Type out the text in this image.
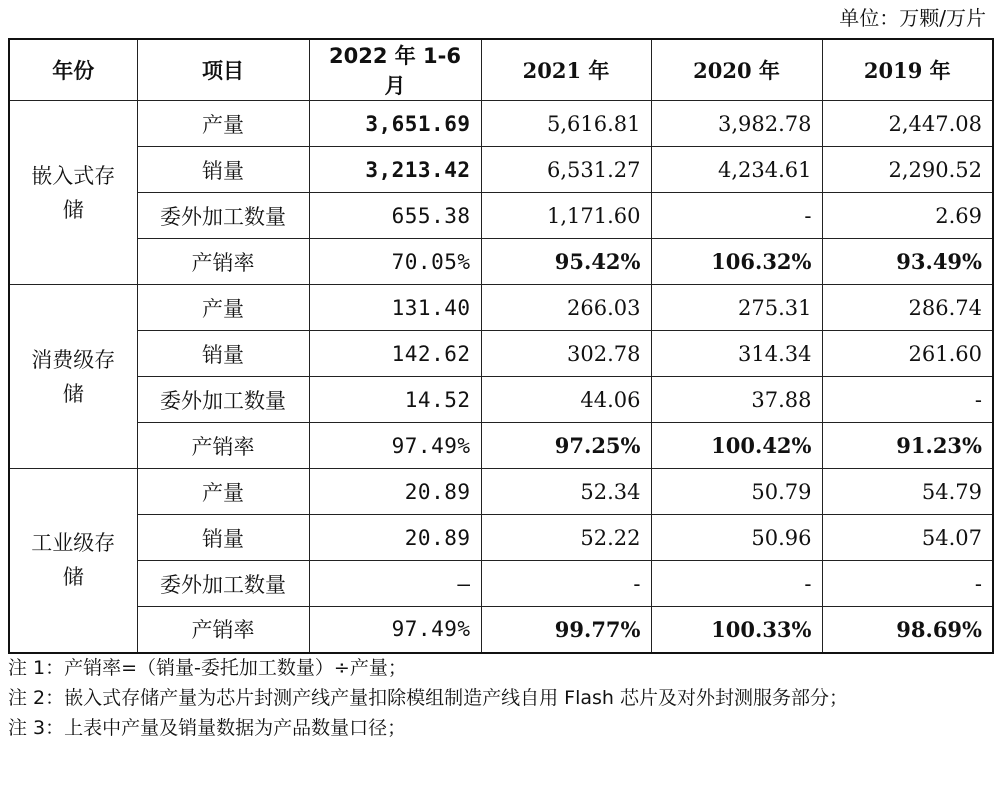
单位：万颗/万片
年份	项目	2022 年 1-6 月	2021 年	2020 年	2019 年
嵌入式存储	产量	3,651.69	5,616.81	3,982.78	2,447.08
	销量	3,213.42	6,531.27	4,234.61	2,290.52
	委外加工数量	655.38	1,171.60	-	2.69
	产销率	70.05%	95.42%	106.32%	93.49%
消费级存储	产量	131.40	266.03	275.31	286.74
	销量	142.62	302.78	314.34	261.60
	委外加工数量	14.52	44.06	37.88	-
	产销率	97.49%	97.25%	100.42%	91.23%
工业级存储	产量	20.89	52.34	50.79	54.79
	销量	20.89	52.22	50.96	54.07
	委外加工数量	–	-	-	-
	产销率	97.49%	99.77%	100.33%	98.69%

注 1：产销率=（销量-委托加工数量）÷产量；

注 2：嵌入式存储产量为芯片封测产线产量扣除模组制造产线自用 Flash 芯片及对外封测服务部分；

注 3：上表中产量及销量数据为产品数量口径；
